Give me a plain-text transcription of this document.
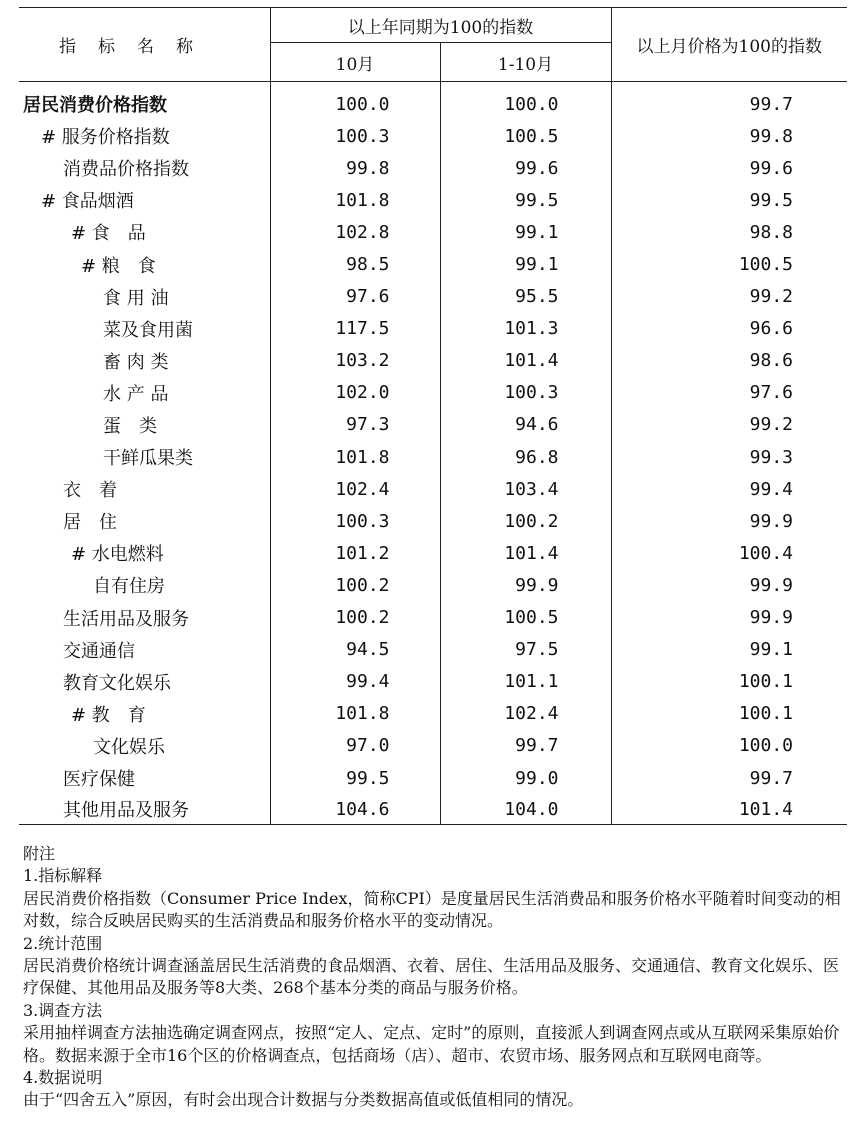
指标名称	以上年同期为100的指数		以上月价格为100的指数
	10月	1-10月	
居民消费价格指数	100.0	100.0	99.7
# 服务价格指数	100.3	100.5	99.8
消费品价格指数	99.8	99.6	99.6
# 食品烟酒	101.8	99.5	99.5
# 食　品	102.8	99.1	98.8
# 粮　食	98.5	99.1	100.5
食 用 油	97.6	95.5	99.2
菜及食用菌	117.5	101.3	96.6
畜 肉 类	103.2	101.4	98.6
水 产 品	102.0	100.3	97.6
蛋　类	97.3	94.6	99.2
干鲜瓜果类	101.8	96.8	99.3
衣　着	102.4	103.4	99.4
居　住	100.3	100.2	99.9
# 水电燃料	101.2	101.4	100.4
自有住房	100.2	99.9	99.9
生活用品及服务	100.2	100.5	99.9
交通通信	94.5	97.5	99.1
教育文化娱乐	99.4	101.1	100.1
# 教　育	101.8	102.4	100.1
文化娱乐	97.0	99.7	100.0
医疗保健	99.5	99.0	99.7
其他用品及服务	104.6	104.0	101.4

附注

1.指标解释

居民消费价格指数（Consumer Price Index，简称CPI）是度量居民生活消费品和服务价格水平随着时间变动的相对数，综合反映居民购买的生活消费品和服务价格水平的变动情况。

2.统计范围

居民消费价格统计调查涵盖居民生活消费的食品烟酒、衣着、居住、生活用品及服务、交通通信、教育文化娱乐、医疗保健、其他用品及服务等8大类、268个基本分类的商品与服务价格。

3.调查方法

采用抽样调查方法抽选确定调查网点，按照“定人、定点、定时”的原则，直接派人到调查网点或从互联网采集原始价格。数据来源于全市16个区的价格调查点，包括商场（店）、超市、农贸市场、服务网点和互联网电商等。

4.数据说明

由于“四舍五入”原因，有时会出现合计数据与分类数据高值或低值相同的情况。
